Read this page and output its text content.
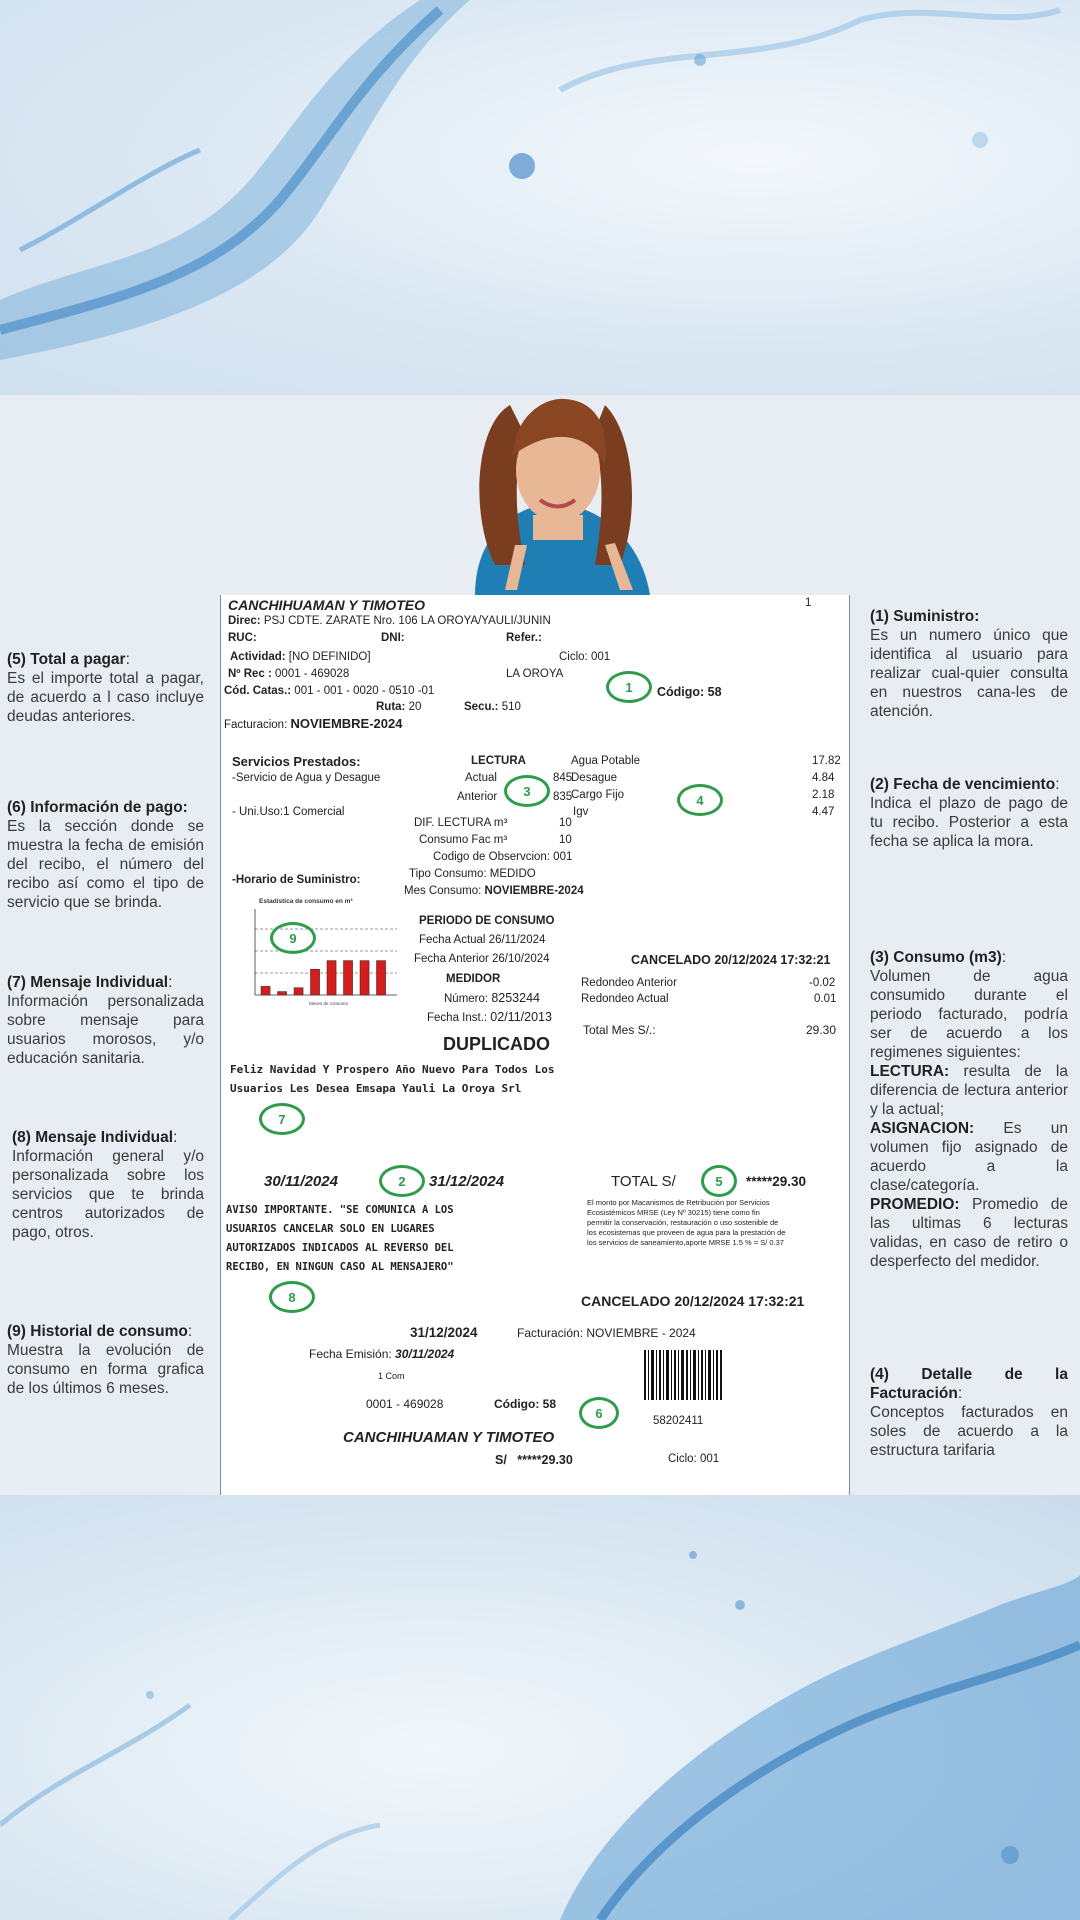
(5) Total a pagar:
Es el importe total a pagar, de acuerdo a l caso incluye deudas anteriores.
(6) Información de pago:
Es la sección donde se muestra la fecha de emisión del recibo, el número del recibo así como el tipo de servicio que se brinda.
(7) Mensaje Individual:
Información personalizada sobre mensaje para usuarios morosos, y/o educación sanitaria.
(8) Mensaje Individual:
Información general y/o personalizada sobre los servicios que te brinda centros autorizados de pago, otros.
(9) Historial de consumo:
Muestra la evolución de consumo en forma grafica de los últimos 6 meses.
(1) Suministro:
Es un numero único que identifica al usuario para realizar cual-quier consulta en nuestros cana-les de atención.
(2) Fecha de vencimiento:
Indica el plazo de pago de tu recibo. Posterior a esta fecha se aplica la mora.
(3) Consumo (m3):
Volumen de agua consumido durante el periodo facturado, podría ser de acuerdo a los regimenes siguientes:
LECTURA: resulta de la diferencia de lectura anterior y la actual;
ASIGNACION: Es un volumen fijo asignado de acuerdo a la clase/categoría.
PROMEDIO: Promedio de las ultimas 6 lecturas validas, en caso de retiro o desperfecto del medidor.
(4) Detalle de la Facturación:
Conceptos facturados en soles de acuerdo a la estructura tarifaria
CANCHIHUAMAN Y TIMOTEO	1
Direc: PSJ CDTE. ZARATE Nro. 106 LA OROYA/YAULI/JUNIN
RUC:	DNI:	Refer.:
Actividad: [NO DEFINIDO]	Ciclo: 001
Nº Rec : 0001 - 469028	LA OROYA
Cód. Catas.: 001 - 001 - 0020 - 0510 -01	Código: 58
Ruta: 20	Secu.: 510
Facturacion: NOVIEMBRE-2024
Servicios Prestados:
-Servicio de Agua y Desague
- Uni.Uso:1 Comercial
LECTURA
Actual	845
Anterior	835
DIF. LECTURA m³	10
Consumo Fac m³	10
Codigo de Observcion: 001
Tipo Consumo: MEDIDO
Mes Consumo: NOVIEMBRE-2024
-Horario de Suministro:
Agua Potable	17.82
Desague	4.84
Cargo Fijo	2.18
Igv	4.47
Estadística de consumo en m³
Meses de consumo
PERIODO DE CONSUMO
Fecha Actual 26/11/2024
Fecha Anterior 26/10/2024
MEDIDOR
Número: 8253244
Fecha Inst.: 02/11/2013
DUPLICADO
CANCELADO 20/12/2024 17:32:21
Redondeo Anterior	-0.02
Redondeo Actual	0.01
Total Mes S/.:	29.30
Feliz Navidad Y Prospero Año Nuevo Para Todos Los
Usuarios Les Desea Emsapa Yauli La Oroya Srl
30/11/2024	31/12/2024	TOTAL S/	*****29.30
El monto por Macanismos de Retribución por Servicios
Ecosistémicos MRSE (Ley Nº 30215) tiene como fin
permitir la conservación, restauración o uso sostenible de
los ecosistemas que proveen de agua para la prestación de
los servicios de saneamiento,aporte MRSE 1.5 % = S/ 0.37
AVISO IMPORTANTE. "SE COMUNICA A LOS
USUARIOS CANCELAR SOLO EN LUGARES
AUTORIZADOS INDICADOS AL REVERSO DEL
RECIBO, EN NINGUN CASO AL MENSAJERO"
CANCELADO 20/12/2024 17:32:21
31/12/2024	Facturación: NOVIEMBRE - 2024
Fecha Emisión: 30/11/2024
1 Com
0001 - 469028	Código: 58
58202411
CANCHIHUAMAN Y TIMOTEO
S/ *****29.30	Ciclo: 001
1
2
3
4
5
6
7
8
9
